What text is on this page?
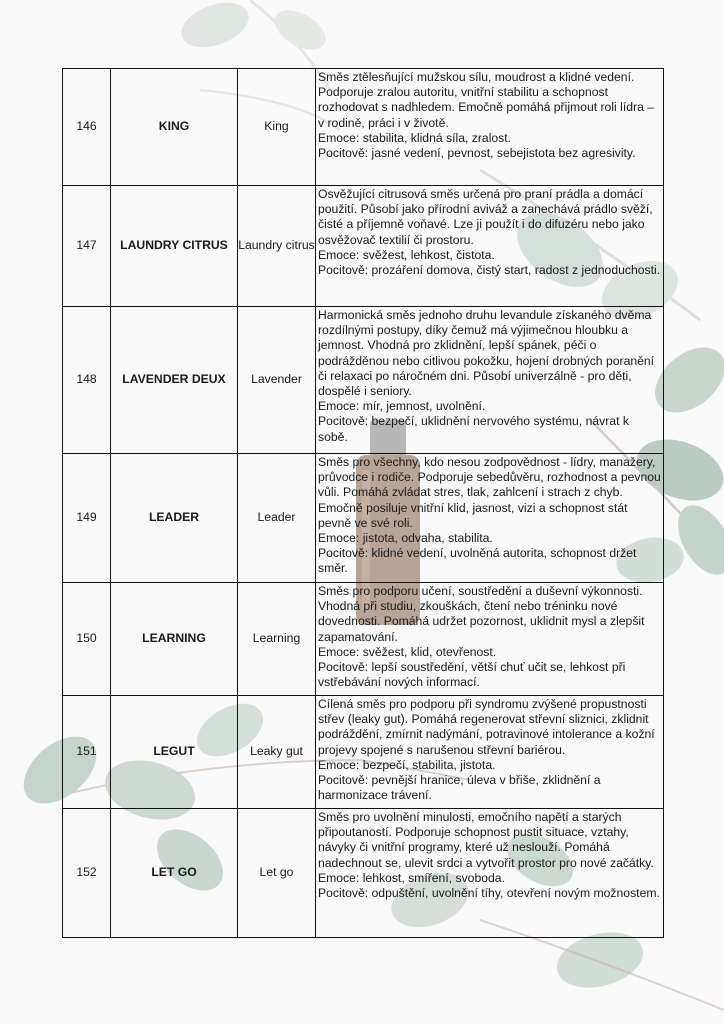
146	KING	King	Směs ztělesňující mužskou sílu, moudrost a klidné vedení. Podporuje zralou autoritu, vnitřní stabilitu a schopnost rozhodovat s nadhledem. Emočně pomáhá přijmout roli lídra – v rodině, práci i v životě.

Emoce: stabilita, klidná síla, zralost.

Pocitově: jasné vedení, pevnost, sebejistota bez agresivity.

147	LAUNDRY CITRUS	Laundry citrus	Osvěžující citrusová směs určená pro praní prádla a domácí použití. Působí jako přírodní aviváž a zanechává prádlo svěží, čisté a příjemně voňavé. Lze ji použít i do difuzéru nebo jako osvěžovač textilií či prostoru.

Emoce: svěžest, lehkost, čistota.

Pocitově: prozáření domova, čistý start, radost z jednoduchosti.

148	LAVENDER DEUX	Lavender	Harmonická směs jednoho druhu levandule získaného dvěma rozdílnými postupy, díky čemuž má výjimečnou hloubku a jemnost. Vhodná pro zklidnění, lepší spánek, péči o podrážděnou nebo citlivou pokožku, hojení drobných poranění či relaxaci po náročném dni. Působí univerzálně - pro děti, dospělé i seniory.

Emoce: mír, jemnost, uvolnění.

Pocitově: bezpečí, uklidnění nervového systému, návrat k sobě.

149	LEADER	Leader	Směs pro všechny, kdo nesou zodpovědnost - lídry, manažery, průvodce i rodiče. Podporuje sebedůvěru, rozhodnost a pevnou vůli. Pomáhá zvládat stres, tlak, zahlcení i strach z chyb. Emočně posiluje vnitřní klid, jasnost, vizi a schopnost stát pevně ve své roli.

Emoce: jistota, odvaha, stabilita.

Pocitově: klidné vedení, uvolněná autorita, schopnost držet směr.

150	LEARNING	Learning	Směs pro podporu učení, soustředění a duševní výkonnosti. Vhodná při studiu, zkouškách, čtení nebo tréninku nové dovednosti. Pomáhá udržet pozornost, uklidnit mysl a zlepšit zapamatování.

Emoce: svěžest, klid, otevřenost.

Pocitově: lepší soustředění, větší chuť učit se, lehkost při vstřebávání nových informací.

151	LEGUT	Leaky gut	Cílená směs pro podporu při syndromu zvýšené propustnosti střev (leaky gut). Pomáhá regenerovat střevní sliznici, zklidnit podráždění, zmírnit nadýmání, potravinové intolerance a kožní projevy spojené s narušenou střevní bariérou.

Emoce: bezpečí, stabilita, jistota.

Pocitově: pevnější hranice, úleva v břiše, zklidnění a harmonizace trávení.

152	LET GO	Let go	Směs pro uvolnění minulosti, emočního napětí a starých připoutaností. Podporuje schopnost pustit situace, vztahy, návyky či vnitřní programy, které už neslouží. Pomáhá nadechnout se, ulevit srdci a vytvořit prostor pro nové začátky.

Emoce: lehkost, smíření, svoboda.

Pocitově: odpuštění, uvolnění tíhy, otevření novým možnostem.
